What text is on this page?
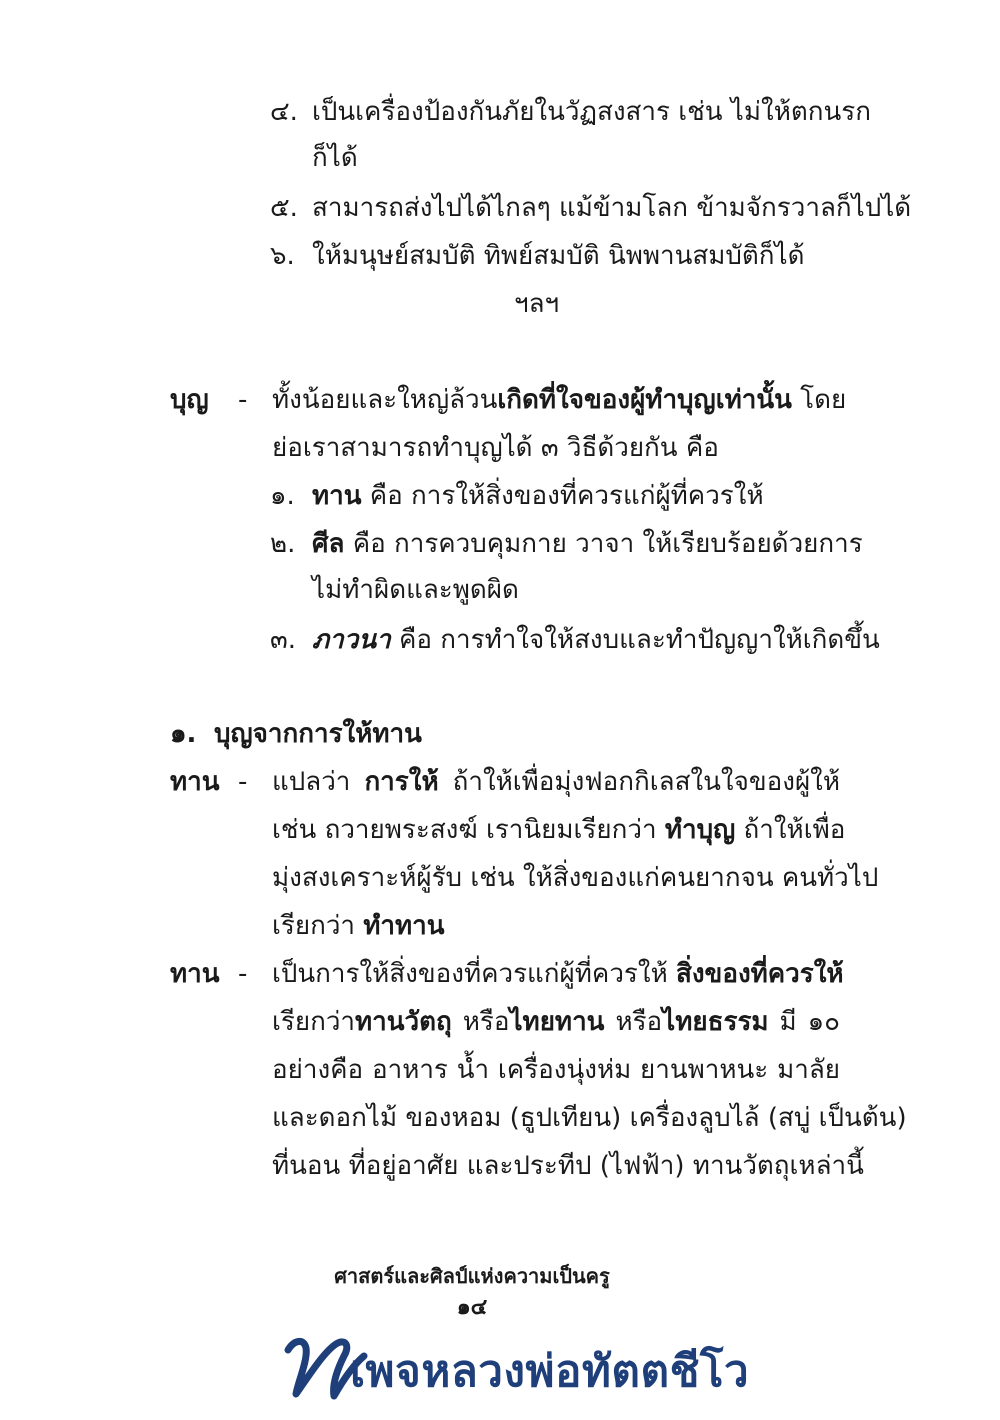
๔. เป็นเครื่องป้องกันภัยในวัฏสงสาร เช่น ไม่ให้ตกนรก
ก็ได้
๕. สามารถส่งไปได้ไกลๆ แม้ข้ามโลก ข้ามจักรวาลก็ไปได้
๖. ให้มนุษย์สมบัติ ทิพย์สมบัติ นิพพานสมบัติก็ได้
ฯลฯ
บุญ - ทั้งน้อยและใหญ่ล้วนเกิดที่ใจของผู้ทำบุญเท่านั้น โดย
ย่อเราสามารถทำบุญได้ ๓ วิธีด้วยกัน คือ
๑. ทาน คือ การให้สิ่งของที่ควรแก่ผู้ที่ควรให้
๒. ศีล คือ การควบคุมกาย วาจา ให้เรียบร้อยด้วยการ
ไม่ทำผิดและพูดผิด
๓. ภาวนา คือ การทำใจให้สงบและทำปัญญาให้เกิดขึ้น
๑. บุญจากการให้ทาน
ทาน - แปลว่า การให้ ถ้าให้เพื่อมุ่งฟอกกิเลสในใจของผู้ให้
เช่น ถวายพระสงฆ์ เรานิยมเรียกว่า ทำบุญ ถ้าให้เพื่อ
มุ่งสงเคราะห์ผู้รับ เช่น ให้สิ่งของแก่คนยากจน คนทั่วไป
เรียกว่า ทำทาน
ทาน - เป็นการให้สิ่งของที่ควรแก่ผู้ที่ควรให้ สิ่งของที่ควรให้
เรียกว่าทานวัตถุ หรือไทยทาน หรือไทยธรรม มี ๑๐
อย่างคือ อาหาร น้ำ เครื่องนุ่งห่ม ยานพาหนะ มาลัย
และดอกไม้ ของหอม (ธูปเทียน) เครื่องลูบไล้ (สบู่ เป็นต้น)
ที่นอน ที่อยู่อาศัย และประทีป (ไฟฟ้า) ทานวัตถุเหล่านี้
ศาสตร์และศิลป์แห่งความเป็นครู
๑๔
เพจหลวงพ่อทัตตชีโว
